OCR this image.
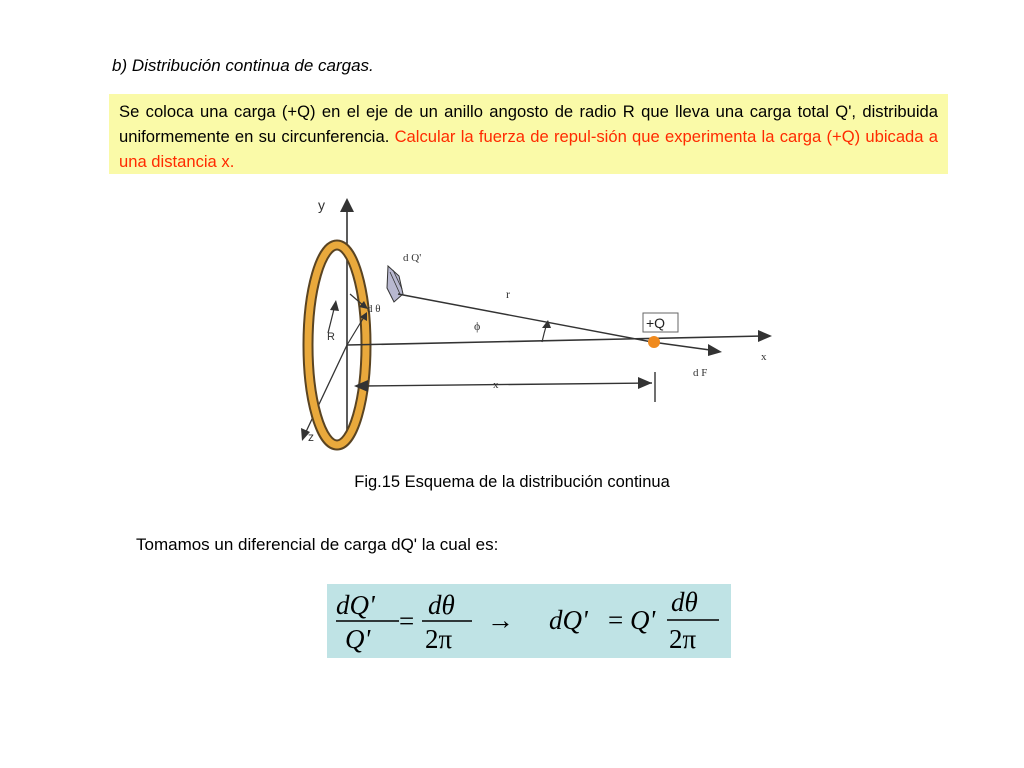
b) Distribución continua de cargas.
Se coloca una carga (+Q) en el eje de un anillo angosto de radio R que lleva una carga total Q', distribuida uniformemente en su circunferencia. Calcular la fuerza de repul-sión que experimenta la carga (+Q) ubicada a una distancia x.
y
z
d Q'
x
r
d F
ϕ
d θ
R
x
+Q
Fig.15 Esquema de la distribución continua
Tomamos un diferencial de carga dQ' la cual es:
dQ'
Q'
=
dθ
2π
→ dQ' = Q'
dθ
2π
